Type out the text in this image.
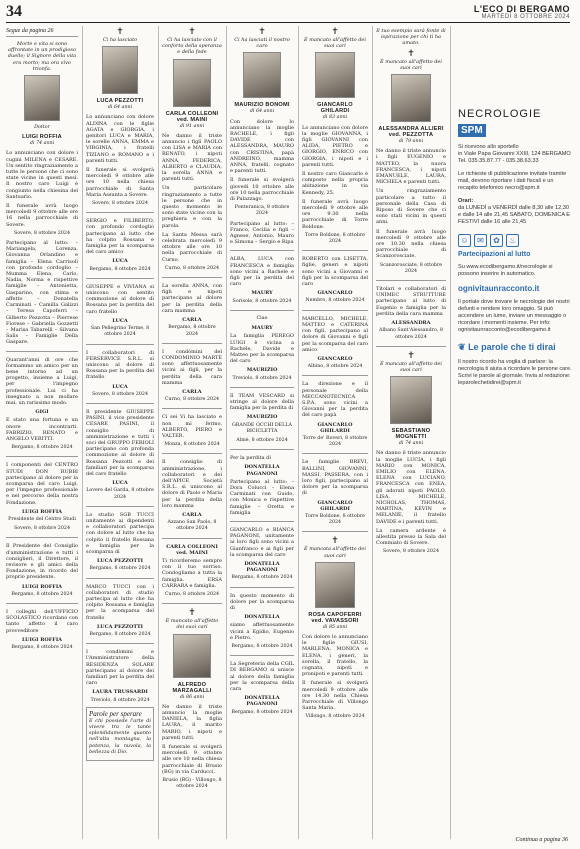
34	L'ECO DI BERGAMO
MARTEDÌ 8 OTTOBRE 2024
Segue da pagina 26

Morte e vita si sono affrontate in un prodigioso duello; il Signore della vita era morto; ma ora vivo trionfa.

Dottor
LUIGI ROFFIA
di 74 anni

Lo annunciano con dolore i cugini MILENA e CESARE. Un sentito ringraziamento a tutte le persone che ci sono state vicine in questi mesi. Il nostro caro Luigi è congiunto nella chiesina del Santuario.

Il funerale avrà luogo mercoledì 9 ottobre alle ore 16 nella parrocchiale di Sovere.

Sovere, 8 ottobre 2024

Partecipano al lutto: – Mariangela, Lorenza, Giovanna Orlandino e famiglia – Elena Carrisoli con profondo cordoglio – Mumma Elena, Carlo, Nadia, Norma e rispettive famiglie – Antonietta, Gasparino, con stima e affetto – Donatella Carminati – Camilla Galizzi – Teresa Capoferri – Gilberto Pezzotta – Pierrese Fiorese – Gabriella Gozzetti – Marisa Tabarelli – Silvana Salis – Famiglie Della Gaspare.

Quarant'anni di ore che formammo un amico per un bene intorno ad un progetto, insieme a Luigi, per l'impegno professionale. Lui ci ha insegnato a non mollare mai, un rarissimo modo.

GIGI

E stato una fortuna e un onore incontrarti. FABRIZIO, RENATO e ANGELO VERITTI.

Bergamo, 8 ottobre 2024

I componenti del CENTRO STUDI DON RUBBI partecipano al dolore per la scomparsa del caro Luigi, per l'impegno professionale e nel percorso della nostra Fondazione.

LUIGI ROFFIA
Presidente del Centro Studi
Sovere, 8 ottobre 2024

Il Presidente del Consiglio d'amministrazione e tutti i consiglieri, il Direttore, il revisore e gli amici della Fondazione, in ricordo del proprio presidente.

LUIGI ROFFIA
Bergamo, 8 ottobre 2024

I colleghi dell'UFFICIO SCOLASTICO ricordano con tanto affetto il caro provveditore

LUIGI ROFFIA
Bergamo, 8 ottobre 2024
✝

Ci ha lasciato

LUCA PEZZOTTI
di 64 anni

Lo annunciano con dolore ALDINA con le figlie AGATA e GIORGIA, i genitori LUCA e MARIA, le sorelle ANNA, EMMA e VIRGINIA, i fratelli TIZIANO e ROMANO e i parenti tutti.

Il funerale si svolgerà mercoledì 9 ottobre alle ore 10 nella chiesa parrocchiale di Santa Maria Assunta a Sovere.

Sovere, 8 ottobre 2024

SERGIO e FILIBERTO, con profondo cordoglio partecipano al lutto che ha colpito Rossana e famiglia per la scomparsa del caro amico

LUCA
Bergamo, 8 ottobre 2024

GIUSEPPE e VIVIANA si uniscono con sentito commozione al dolore di Rossana per la perdita del caro fratello

LUCA
San Pellegrino Terme, 8 ottobre 2024

I collaboratori di FERSERVICE S.R.L. si uniscono al dolore di Rossana per la perdita del fratello

LUCA
Sovere, 8 ottobre 2024

Il presidente GIUSEPPE PASINI, il vice presidente CESARE PASINI, il consiglio di amministrazione e tutti i soci del GRUPPO FERIOLI partecipano con profonda commozione al dolore di Rossana Pezzotti e dei familiari per la scomparsa del caro fratello

LUCA
Lovere del Garda, 8 ottobre 2024

Lo studio SGB TUCCI unitamente ai dipendenti e collaboratori partecipa con dolore al lutto che ha colpito il fratello Rossana e famiglia per la scomparsa di

LUCA PEZZOTTI
Bergamo, 8 ottobre 2024

MARCO TUCCI con i collaboratori di studio partecipa al lutto che ha colpito Rossana e famiglia per la scomparsa del fratello

LUCA PEZZOTTI
Bergamo, 8 ottobre 2024

I condòmini e l'Amministratore della RESIDENZA SOLARE partecipano al dolore dei familiari per la perdita del caro

LAURA TRUSSARDI
Treviolo, 8 ottobre 2024
Parole per sperare

E chi possiede l'arte di vivere tra le tante splendidamente quanto nell'alta montagna, la potenza, la nuvola, la bellezza di Dio.

✝

Ci ha lasciato con il conforto della speranza e della fede

CARLA COLLEONI ved. MAINI
di 91 anni

Ne danno il triste annuncio i figli PAOLO con LISA e MARIA con RENATO, i nipoti ANNA, FEDERICA, ALBERTO e CLAUDIA, la sorella ANNA e parenti tutti.

Un particolare ringraziamento a tutte le persone che in questo momento le sono state vicine con la preghiera e con la parola.

La Santa Messa sarà celebrata mercoledì 9 ottobre alle ore 10 nella parrocchiale di Curno.

Curno, 8 ottobre 2024

La sorella ANNA, con figli e nipoti partecipano al dolore per la perdita della cara mamma

CARLA
Bergamo, 8 ottobre 2024

I condòmini del CONDOMINIO MARTE sono affettuosamente vicini ai figli, per la perdita della cara mamma

CARLA
Curno, 8 ottobre 2024

Ci sei Vi ha lasciato e non mi fermo. ALBERTO, PIERO e VALTER.

Monza, 8 ottobre 2024

Il consiglio di amministrazione, i collaboratori e dei dell'APICE Società S.R.L. si uniscono al dolore di Paolo e Maria per la perdita della loro mamma

CARLA
Azzano San Paolo, 8 ottobre 2024
CARLA COLLEONI ved. MAINI

Ti ricorderemo sempre con il tuo sorriso. Condogliamo a tutta la famiglia. ERSA CARRARA e famiglia.

Curno, 8 ottobre 2024
✝

È mancato all'affetto dei suoi cari

ALFREDO MARZAGALLI
di 86 anni

Ne danno il triste annuncio la moglie DANIELA, la figlia LAURA, il marito MARIO, i nipoti e parenti tutti.

Il funerale si svolgerà mercoledì 9 ottobre alle ore 10 nella chiesa parrocchiale di Brusio (BG) in via Carducci.

Brusio (BG) - Villongo, 8 ottobre 2024
✝

Ci ha lasciati il nostro caro

MAURIZIO BONOMI
di 64 anni

Con dolore lo annunciano la moglie RACHELE, i figli DAVIDE con ALESSANDRA, MAURO con CRISTINA, papà ANDREINO, mamma ANNA, fratelli, cognato e parenti tutti.

Il funerale si svolgerà giovedì 10 ottobre alle ore 10 nella parrocchiale di Palazzago.

Ponteranica, 8 ottobre 2024

Partecipano al lutto: – Franco, Cecilia e figli – Agnese, Antonio, Mauro e Simona – Sergio e Ripa

ALBA, LUCA con FRANCESCA e famiglia sono vicini a Rachele e figli per la perdita del caro

MAURY
Sorisole, 8 ottobre 2024
Ciao
MAURY

La famiglia PEREGO LUIGI è vicina a Rachele, Davide e Matteo per la scomparsa del caro

MAURIZIO
Treviolo, 8 ottobre 2024

Il TEAM VESCARD si stringe al dolore della famiglia per la perdita di

MAURIZIO
GRANDE OCCHI DELLA BICICLETTA
Almè, 8 ottobre 2024

Per la perdita di

DONATELLA PAGANONI

Partecipano al lutto: – Dora Colucci – Elena Carminati con Guido, con Monica e rispettive famiglie – Oretta e famiglia

GIANCARLO e BIANCA PAGANONI, unitamente ai loro figli sono vicini a Gianfranco e ai figli per la scomparsa del caro

DONATELLA PAGANONI
Bergamo, 8 ottobre 2024

In questo momento di dolore per la scomparsa di

DONATELLA

siamo affettuosamente vicini a Egidio, Eugenio e Pietro.

Bergamo, 8 ottobre 2024

La Segreteria della CGIL DI BERGAMO si unisce al dolore della famiglia per la scomparsa della cara

DONATELLA PAGANONI
Bergamo, 8 ottobre 2024
✝

È mancato all'affetto dei suoi cari

GIANCARLO GHILARDI
di 83 anni

Lo annunciano con dolore la moglie GIOVANNA, i figli GIOVANNI con ALIDA, PIETRO e GIORGIO, ENRICO con GIORGIA, i nipoti e i parenti tutti.

Il nostro caro Giancarlo è composto nella propria abitazione in via Kennedy, 25.

Il funerale avrà luogo mercoledì 9 ottobre alle ore 9.30 nella parrocchiale di Torre Boldone.

Torre Boldone, 8 ottobre 2024

ROBERTO con LISETTA, figlie, generi e nipoti sono vicini a Giovanni e figli per la scomparsa del caro

GIANCARLO
Nembro, 8 ottobre 2024

MARCELLO, MICHELE, MATTEO e CATERINA con figli, partecipano al dolore di Giovanni e figli per la scomparsa del caro amico

GIANCARLO
Albino, 8 ottobre 2024

La direzione e il personale della MECCANOTECNICA S.P.A. sono vicini a Giovanni per la perdita del caro papà

GIANCARLO GHILARDI
Torre de' Roveri, 8 ottobre 2024

Le famiglie BREVI, BALLINI, GIOVANNI, MASSI, PASSERA, con i loro figli, partecipano al dolore per la scomparsa di

GIANCARLO GHILARDI
Torre Boldone, 8 ottobre 2024
✝

È mancata all'affetto dei suoi cari

ROSA CAPOFERRI ved. VAVASSORI
di 85 anni

Con dolore lo annunciano le figlie GIUSI, MARLENA, MONICA e ELENA, i generi, la sorella, il fratello, la cognata, nipoti e pronipoti e parenti tutti.

Il funerale si svolgerà mercoledì 9 ottobre alle ore 14.30 nella Chiesa Parrocchiale di Villongo Santa Maria.

Villongo, 8 ottobre 2024

Il tuo esempio sarà fonte di ispirazione per chi ti ha amato.

✝

È mancato all'affetto dei suoi cari

ALESSANDRA ALLIERI ved. PEZZOTTA
di 79 anni

Ne danno il triste annuncio i figli EUGENIO e MATTEO, la nuora FRANCESCA, i nipoti EMANUELE, LAURA, MICHELA e parenti tutti.

Un ringraziamento particolare a tutto il personale della Casa di Riposo di Sovere che ci sono stati vicini in questi anni.

Il funerale avrà luogo mercoledì 9 ottobre alle ore 10.30 nella chiesa parrocchiale di Scanzorosciate.

Scanzorosciate, 8 ottobre 2024

Titolari e collaboratori di UNIMEC STRUTTURE partecipano al lutto di Eugenio e famiglia per la perdita della cara mamma

ALESSANDRA
Albano Sant'Alessandro, 8 ottobre 2024
✝

È mancato all'affetto dei suoi cari

SEBASTIANO MOGNETTI
di 74 anni

Ne danno il triste annuncio la moglie LUCIA, i figli MARIO con MONICA, EMILIO con ELENA, ELENA con LUCIANO, FRANCESCA con ENEA, gli adorati nipoti PAOLO, LISA, MICHELE, NICHOLAS, THOMAS, MARTINA, KEVIN e MELANIE, il fratello DAVIDE e i parenti tutti.

La camera ardente è allestita presso la Sala del Commiato di Sovere.

Sovere, 8 ottobre 2024
Continua a pagina 36
NECROLOGIE
SPM
Si ricevono allo sportello
in Viale Papa Giovanni XXIII, 124 BERGAMO
Tel. 035.35.87.77 - 035.38.63.33
Le richieste di pubblicazione invitate tramite mail, devono riportare i dati fiscali e un recapito telefonico necro@spm.it
Orari:
da LUNEDÌ a VENERDÌ dalle 8,30 alle 12,30 e dalle 14 alle 21,45 SABATO, DOMENICA E FESTIVI dalle 16 alle 21,45
☺	✉	✿	♨
Partecipazioni al lutto
Su www.ecodibergamo.it/necrologie si possono inserire in automatico.
ognivitaunracconto.it
Il portale dove trovare le necrologie dei nostri defunti e rendere loro omaggio. Si può accendere un lume, inviare un messaggio o ricordare i momenti insieme. Per info: ognivitaunracconto@ecodibergamo.it
❦ Le parole che ti dirai
Il nostro ricordo ha voglia di parlare: la necrologia ti aiuta a ricordare le persone care. Scrivi le parole al giornale. Invia al redazione: leparolechetidirei@spm.it
